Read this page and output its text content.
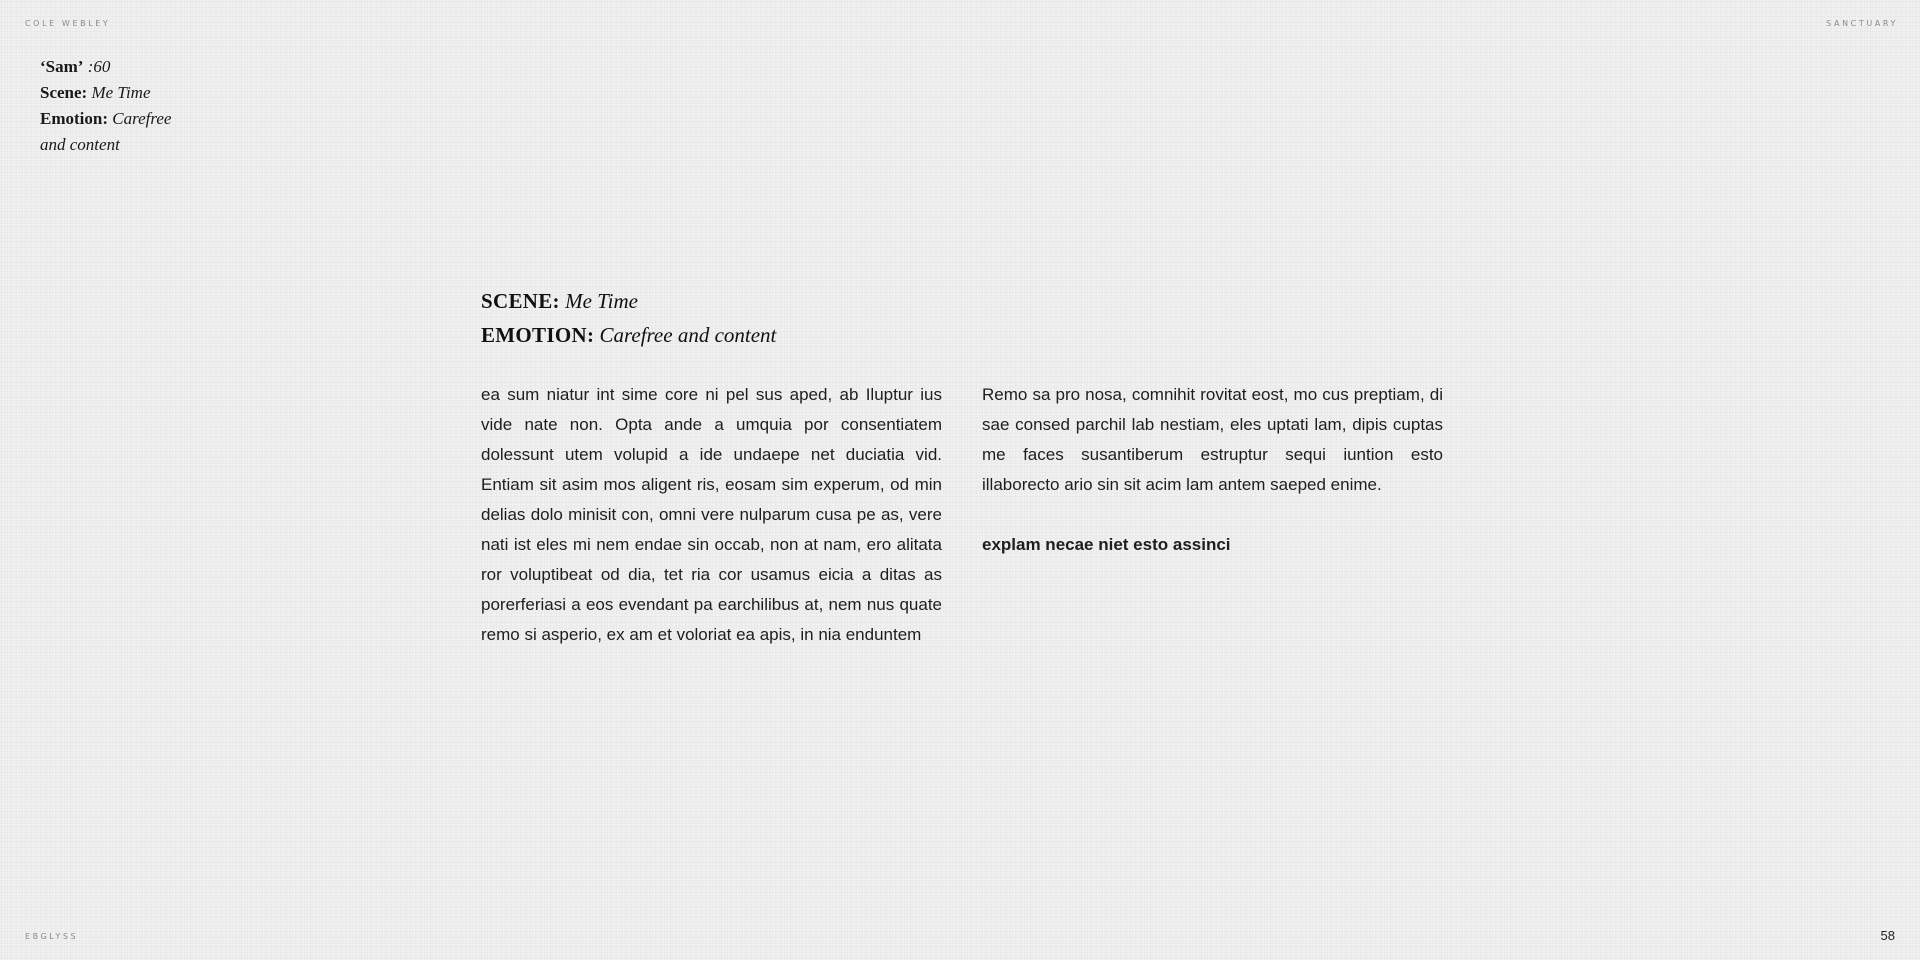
COLE WEBLEY	SANCTUARY
EBGLYSS	58
‘Sam’ :60
Scene: Me Time
Emotion: Carefree and content
SCENE: Me Time
EMOTION: Carefree and content

ea sum niatur int sime core ni pel sus aped, ab Iluptur ius vide nate non. Opta ande a umquia por consentiatem dolessunt utem volupid a ide undaepe net duciatia vid. Entiam sit asim mos aligent ris, eosam sim experum, od min delias dolo minisit con, omni vere nulparum cusa pe as, vere nati ist eles mi nem endae sin occab, non at nam, ero alitata ror voluptibeat od dia, tet ria cor usamus eicia a ditas as porerferiasi a eos evendant pa earchilibus at, nem nus quate remo si asperio, ex am et voloriat ea apis, in nia enduntem

Remo sa pro nosa, comnihit rovitat eost, mo cus preptiam, di sae consed parchil lab nestiam, eles uptati lam, dipis cuptas me faces susantiberum estruptur sequi iuntion esto illaborecto ario sin sit acim lam antem saeped enime.

explam necae niet esto assinci
